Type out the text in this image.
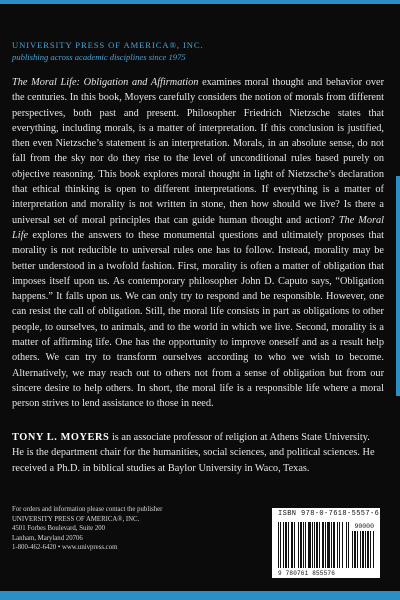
UNIVERSITY PRESS OF AMERICA®, INC.
publishing across academic disciplines since 1975

The Moral Life: Obligation and Affirmation examines moral thought and behavior over the centuries. In this book, Moyers carefully considers the notion of morals from different perspectives, both past and present. Philosopher Friedrich Nietzsche states that everything, including morals, is a matter of interpretation. If this conclusion is justified, then even Nietzsche’s statement is an interpretation. Morals, in an absolute sense, do not fall from the sky nor do they rise to the level of unconditional rules based purely on objective reasoning. This book explores moral thought in light of Nietzsche’s declaration that ethical thinking is open to different interpretations. If everything is a matter of interpretation and morality is not written in stone, then how should we live? Is there a universal set of moral principles that can guide human thought and action? The Moral Life explores the answers to these monumental questions and ultimately proposes that morality is not reducible to universal rules one has to follow. Instead, morality may be better understood in a twofold fashion. First, morality is often a matter of obligation that imposes itself upon us. As contemporary philosopher John D. Caputo says, “Obligation happens.” It falls upon us. We can only try to respond and be responsible. However, one can resist the call of obligation. Still, the moral life consists in part as obligations to other people, to ourselves, to animals, and to the world in which we live. Second, morality is a matter of affirming life. One has the opportunity to improve oneself and as a result help others. We can try to transform ourselves according to who we wish to become. Alternatively, we may reach out to others not from a sense of obligation but from our sincere desire to help others. In short, the moral life is a responsible life where a moral person strives to lend assistance to those in need.

TONY L. MOYERS is an associate professor of religion at Athens State University. He is the department chair for the humanities, social sciences, and political sciences. He received a Ph.D. in biblical studies at Baylor University in Waco, Texas.
For orders and information please contact the publisher
UNIVERSITY PRESS OF AMERICA®, INC.
4501 Forbes Boulevard, Suite 200
Lanham, Maryland 20706
1-800-462-6420 • www.univpress.com
ISBN 978-0-7618-5557-6
90000
9 780761 855576
